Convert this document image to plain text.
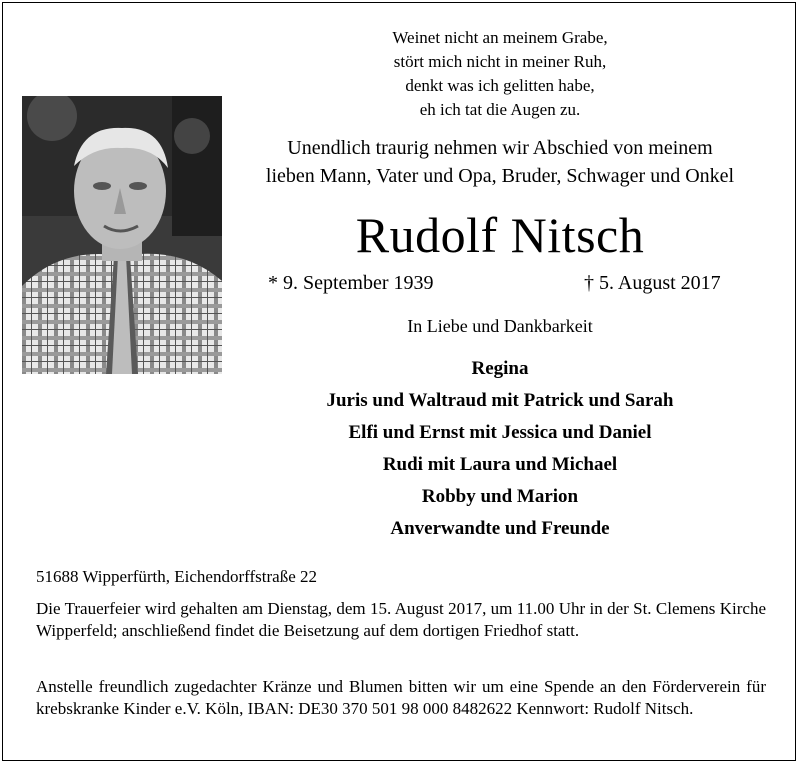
Weinet nicht an meinem Grabe,
stört mich nicht in meiner Ruh,
denkt was ich gelitten habe,
eh ich tat die Augen zu.
Unendlich traurig nehmen wir Abschied von meinem
lieben Mann, Vater und Opa, Bruder, Schwager und Onkel
Rudolf Nitsch
* 9. September 1939	† 5. August 2017
In Liebe und Dankbarkeit
Regina
Juris und Waltraud mit Patrick und Sarah
Elfi und Ernst mit Jessica und Daniel
Rudi mit Laura und Michael
Robby und Marion
Anverwandte und Freunde
51688 Wipperfürth, Eichendorffstraße 22
Die Trauerfeier wird gehalten am Dienstag, dem 15. August 2017, um 11.00 Uhr in der St. Clemens Kirche Wipperfeld; anschließend findet die Beisetzung auf dem dortigen Friedhof statt.
Anstelle freundlich zugedachter Kränze und Blumen bitten wir um eine Spende an den Förderverein für krebskranke Kinder e.V. Köln, IBAN: DE30 370 501 98 000 8482622 Kennwort: Rudolf Nitsch.
